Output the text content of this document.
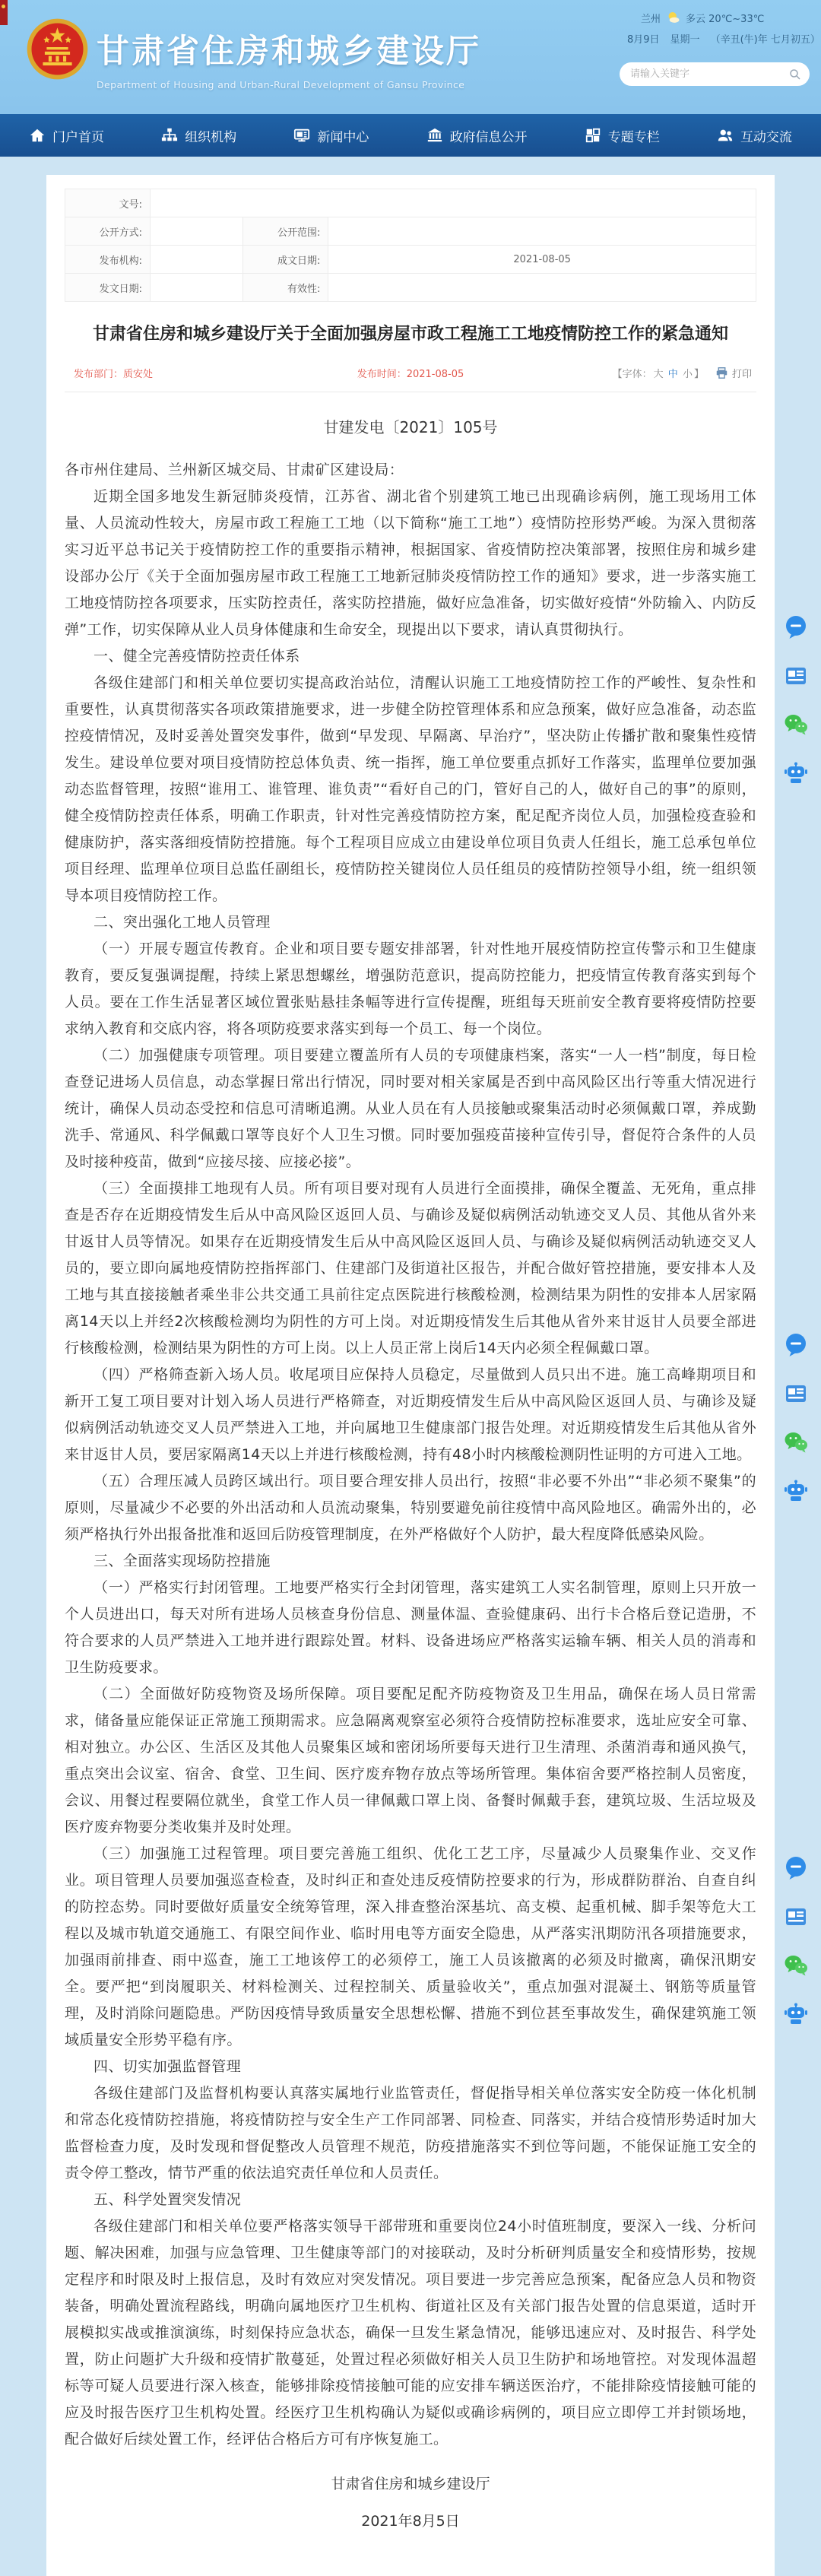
甘肃省住房和城乡建设厅
Department of Housing and Urban-Rural Development of Gansu Province
兰州	多云 20℃~33℃
8月9日 星期一 （辛丑(牛)年 七月初五）
请输入关键字
门户首页	组织机构	新闻中心	政府信息公开	专题专栏	互动交流
文号:			
公开方式:		公开范围:	
发布机构:		成文日期:	2021-08-05
发文日期:		有效性:	
甘肃省住房和城乡建设厅关于全面加强房屋市政工程施工工地疫情防控工作的紧急通知
发布部门：质安处	发布时间：2021-08-05	【字体： 大 中 小 】	打印
甘建发电〔2021〕105号

各市州住建局、兰州新区城交局、甘肃矿区建设局：

近期全国多地发生新冠肺炎疫情，江苏省、湖北省个别建筑工地已出现确诊病例，施工现场用工体量、人员流动性较大，房屋市政工程施工工地（以下简称“施工工地”）疫情防控形势严峻。为深入贯彻落实习近平总书记关于疫情防控工作的重要指示精神，根据国家、省疫情防控决策部署，按照住房和城乡建设部办公厅《关于全面加强房屋市政工程施工工地新冠肺炎疫情防控工作的通知》要求，进一步落实施工工地疫情防控各项要求，压实防控责任，落实防控措施，做好应急准备，切实做好疫情“外防输入、内防反弹”工作，切实保障从业人员身体健康和生命安全，现提出以下要求，请认真贯彻执行。

一、健全完善疫情防控责任体系

各级住建部门和相关单位要切实提高政治站位，清醒认识施工工地疫情防控工作的严峻性、复杂性和重要性，认真贯彻落实各项政策措施要求，进一步健全防控管理体系和应急预案，做好应急准备，动态监控疫情情况，及时妥善处置突发事件，做到“早发现、早隔离、早治疗”，坚决防止传播扩散和聚集性疫情发生。建设单位要对项目疫情防控总体负责、统一指挥，施工单位要重点抓好工作落实，监理单位要加强动态监督管理，按照“谁用工、谁管理、谁负责”“看好自己的门，管好自己的人，做好自己的事”的原则，健全疫情防控责任体系，明确工作职责，针对性完善疫情防控方案，配足配齐岗位人员，加强检疫查验和健康防护，落实落细疫情防控措施。每个工程项目应成立由建设单位项目负责人任组长，施工总承包单位项目经理、监理单位项目总监任副组长，疫情防控关键岗位人员任组员的疫情防控领导小组，统一组织领导本项目疫情防控工作。

二、突出强化工地人员管理

（一）开展专题宣传教育。企业和项目要专题安排部署，针对性地开展疫情防控宣传警示和卫生健康教育，要反复强调提醒，持续上紧思想螺丝，增强防范意识，提高防控能力，把疫情宣传教育落实到每个人员。要在工作生活显著区域位置张贴悬挂条幅等进行宣传提醒，班组每天班前安全教育要将疫情防控要求纳入教育和交底内容，将各项防疫要求落实到每一个员工、每一个岗位。

（二）加强健康专项管理。项目要建立覆盖所有人员的专项健康档案，落实“一人一档”制度，每日检查登记进场人员信息，动态掌握日常出行情况，同时要对相关家属是否到中高风险区出行等重大情况进行统计，确保人员动态受控和信息可清晰追溯。从业人员在有人员接触或聚集活动时必须佩戴口罩，养成勤洗手、常通风、科学佩戴口罩等良好个人卫生习惯。同时要加强疫苗接种宣传引导，督促符合条件的人员及时接种疫苗，做到“应接尽接、应接必接”。

（三）全面摸排工地现有人员。所有项目要对现有人员进行全面摸排，确保全覆盖、无死角，重点排查是否存在近期疫情发生后从中高风险区返回人员、与确诊及疑似病例活动轨迹交叉人员、其他从省外来甘返甘人员等情况。如果存在近期疫情发生后从中高风险区返回人员、与确诊及疑似病例活动轨迹交叉人员的，要立即向属地疫情防控指挥部门、住建部门及街道社区报告，并配合做好管控措施，要安排本人及工地与其直接接触者乘坐非公共交通工具前往定点医院进行核酸检测，检测结果为阴性的安排本人居家隔离14天以上并经2次核酸检测均为阴性的方可上岗。对近期疫情发生后其他从省外来甘返甘人员要全部进行核酸检测，检测结果为阴性的方可上岗。以上人员正常上岗后14天内必须全程佩戴口罩。

（四）严格筛查新入场人员。收尾项目应保持人员稳定，尽量做到人员只出不进。施工高峰期项目和新开工复工项目要对计划入场人员进行严格筛查，对近期疫情发生后从中高风险区返回人员、与确诊及疑似病例活动轨迹交叉人员严禁进入工地，并向属地卫生健康部门报告处理。对近期疫情发生后其他从省外来甘返甘人员，要居家隔离14天以上并进行核酸检测，持有48小时内核酸检测阴性证明的方可进入工地。

（五）合理压减人员跨区域出行。项目要合理安排人员出行，按照“非必要不外出”“非必须不聚集”的原则，尽量减少不必要的外出活动和人员流动聚集，特别要避免前往疫情中高风险地区。确需外出的，必须严格执行外出报备批准和返回后防疫管理制度，在外严格做好个人防护，最大程度降低感染风险。

三、全面落实现场防控措施

（一）严格实行封闭管理。工地要严格实行全封闭管理，落实建筑工人实名制管理，原则上只开放一个人员进出口，每天对所有进场人员核查身份信息、测量体温、查验健康码、出行卡合格后登记造册，不符合要求的人员严禁进入工地并进行跟踪处置。材料、设备进场应严格落实运输车辆、相关人员的消毒和卫生防疫要求。

（二）全面做好防疫物资及场所保障。项目要配足配齐防疫物资及卫生用品，确保在场人员日常需求，储备量应能保证正常施工预期需求。应急隔离观察室必须符合疫情防控标准要求，选址应安全可靠、相对独立。办公区、生活区及其他人员聚集区域和密闭场所要每天进行卫生清理、杀菌消毒和通风换气，重点突出会议室、宿舍、食堂、卫生间、医疗废弃物存放点等场所管理。集体宿舍要严格控制人员密度，会议、用餐过程要隔位就坐，食堂工作人员一律佩戴口罩上岗、备餐时佩戴手套，建筑垃圾、生活垃圾及医疗废弃物要分类收集并及时处理。

（三）加强施工过程管理。项目要完善施工组织、优化工艺工序，尽量减少人员聚集作业、交叉作业。项目管理人员要加强巡查检查，及时纠正和查处违反疫情防控要求的行为，形成群防群治、自查自纠的防控态势。同时要做好质量安全统筹管理，深入排查整治深基坑、高支模、起重机械、脚手架等危大工程以及城市轨道交通施工、有限空间作业、临时用电等方面安全隐患，从严落实汛期防汛各项措施要求，加强雨前排查、雨中巡查，施工工地该停工的必须停工，施工人员该撤离的必须及时撤离，确保汛期安全。要严把“到岗履职关、材料检测关、过程控制关、质量验收关”，重点加强对混凝土、钢筋等质量管理，及时消除问题隐患。严防因疫情导致质量安全思想松懈、措施不到位甚至事故发生，确保建筑施工领域质量安全形势平稳有序。

四、切实加强监督管理

各级住建部门及监督机构要认真落实属地行业监管责任，督促指导相关单位落实安全防疫一体化机制和常态化疫情防控措施，将疫情防控与安全生产工作同部署、同检查、同落实，并结合疫情形势适时加大监督检查力度，及时发现和督促整改人员管理不规范，防疫措施落实不到位等问题，不能保证施工安全的责令停工整改，情节严重的依法追究责任单位和人员责任。

五、科学处置突发情况

各级住建部门和相关单位要严格落实领导干部带班和重要岗位24小时值班制度，要深入一线、分析问题、解决困难，加强与应急管理、卫生健康等部门的对接联动，及时分析研判质量安全和疫情形势，按规定程序和时限及时上报信息，及时有效应对突发情况。项目要进一步完善应急预案，配备应急人员和物资装备，明确处置流程路线，明确向属地医疗卫生机构、街道社区及有关部门报告处置的信息渠道，适时开展模拟实战或推演演练，时刻保持应急状态，确保一旦发生紧急情况，能够迅速应对、及时报告、科学处置，防止问题扩大升级和疫情扩散蔓延，处置过程必须做好相关人员卫生防护和场地管控。对发现体温超标等可疑人员要进行深入核查，能够排除疫情接触可能的应安排车辆送医治疗，不能排除疫情接触可能的应及时报告医疗卫生机构处置。经医疗卫生机构确认为疑似或确诊病例的，项目应立即停工并封锁场地，配合做好后续处置工作，经评估合格后方可有序恢复施工。

甘肃省住房和城乡建设厅
2021年8月5日
